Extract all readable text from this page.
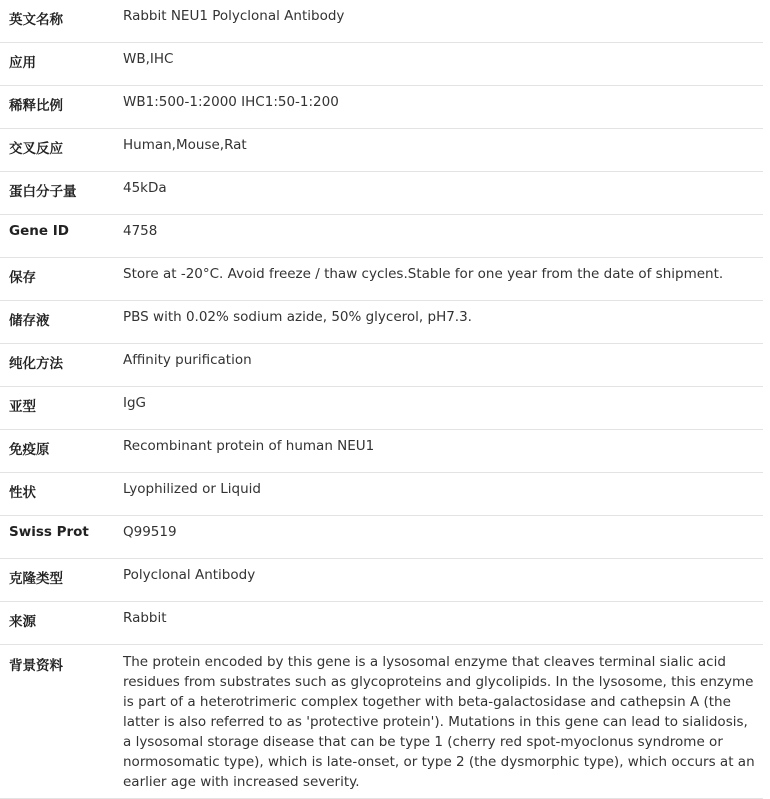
英文名称	Rabbit NEU1 Polyclonal Antibody
应用	WB,IHC
稀释比例	WB1:500-1:2000 IHC1:50-1:200
交叉反应	Human,Mouse,Rat
蛋白分子量	45kDa
Gene ID	4758
保存	Store at -20°C. Avoid freeze / thaw cycles.Stable for one year from the date of shipment.
储存液	PBS with 0.02% sodium azide, 50% glycerol, pH7.3.
纯化方法	Affinity purification
亚型	IgG
免疫原	Recombinant protein of human NEU1
性状	Lyophilized or Liquid
Swiss Prot	Q99519
克隆类型	Polyclonal Antibody
来源	Rabbit
背景资料	The protein encoded by this gene is a lysosomal enzyme that cleaves terminal sialic acid residues from substrates such as glycoproteins and glycolipids. In the lysosome, this enzyme is part of a heterotrimeric complex together with beta-galactosidase and cathepsin A (the latter is also referred to as 'protective protein'). Mutations in this gene can lead to sialidosis, a lysosomal storage disease that can be type 1 (cherry red spot-myoclonus syndrome or normosomatic type), which is late-onset, or type 2 (the dysmorphic type), which occurs at an earlier age with increased severity.
